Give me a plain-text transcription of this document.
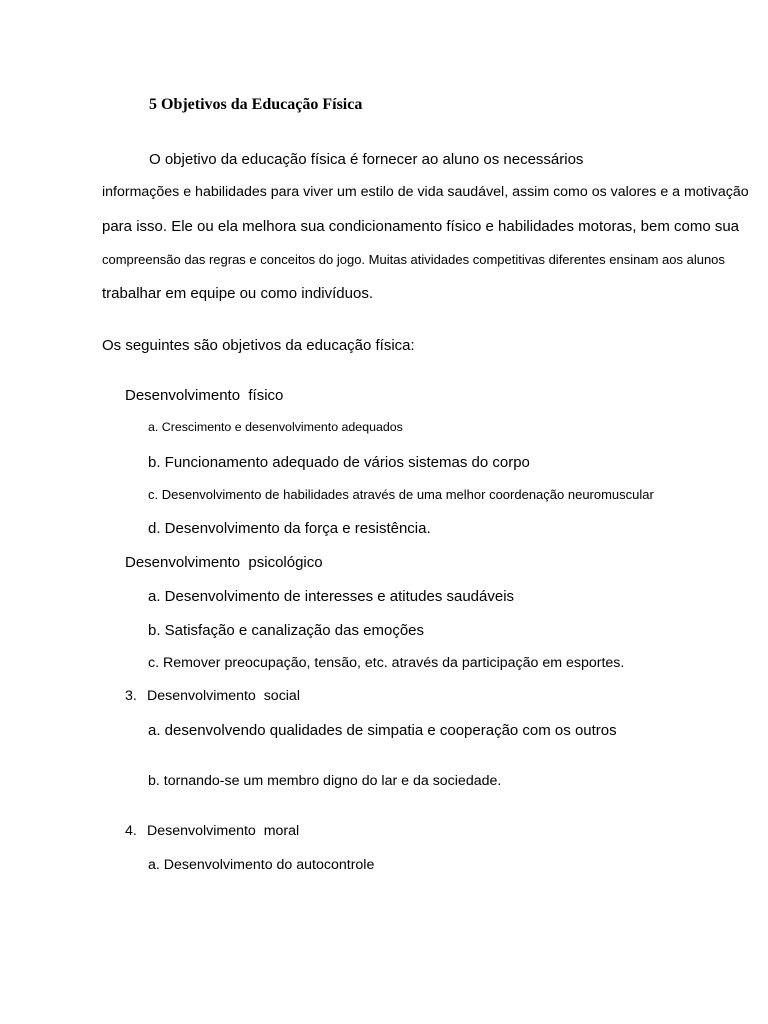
5 Objetivos da Educação Física

O objetivo da educação física é fornecer ao aluno os necessários

informações e habilidades para viver um estilo de vida saudável, assim como os valores e a motivação

para isso. Ele ou ela melhora sua condicionamento físico e habilidades motoras, bem como sua

compreensão das regras e conceitos do jogo. Muitas atividades competitivas diferentes ensinam aos alunos

trabalhar em equipe ou como indivíduos.

Os seguintes são objetivos da educação física:

Desenvolvimento  físico

a. Crescimento e desenvolvimento adequados

b. Funcionamento adequado de vários sistemas do corpo

c. Desenvolvimento de habilidades através de uma melhor coordenação neuromuscular

d. Desenvolvimento da força e resistência.

Desenvolvimento  psicológico

a. Desenvolvimento de interesses e atitudes saudáveis

b. Satisfação e canalização das emoções

c. Remover preocupação, tensão, etc. através da participação em esportes.

3. Desenvolvimento  social

a. desenvolvendo qualidades de simpatia e cooperação com os outros

b. tornando-se um membro digno do lar e da sociedade.

4. Desenvolvimento  moral

a. Desenvolvimento do autocontrole
